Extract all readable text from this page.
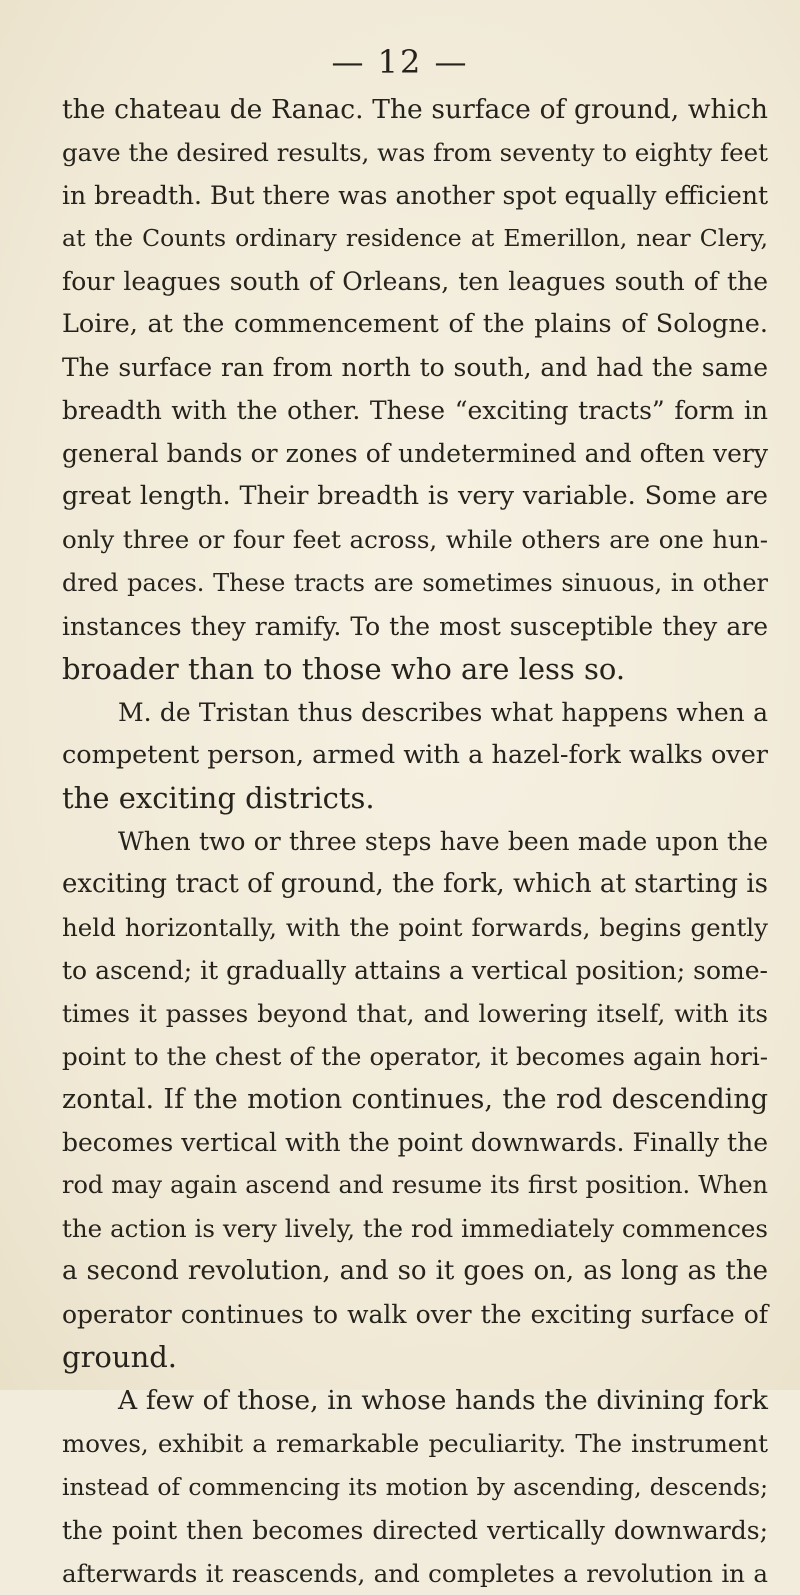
— 12 —
the chateau de Ranac. The surface of ground, which
gave the desired results, was from seventy to eighty feet
in breadth. But there was another spot equally efficient
at the Counts ordinary residence at Emerillon, near Clery,
four leagues south of Orleans, ten leagues south of the
Loire, at the commencement of the plains of Sologne.
The surface ran from north to south, and had the same
breadth with the other. These “exciting tracts” form in
general bands or zones of undetermined and often very
great length. Their breadth is very variable. Some are
only three or four feet across, while others are one hun-
dred paces. These tracts are sometimes sinuous, in other
instances they ramify. To the most susceptible they are
broader than to those who are less so.
M. de Tristan thus describes what happens when a
competent person, armed with a hazel-fork walks over
the exciting districts.
When two or three steps have been made upon the
exciting tract of ground, the fork, which at starting is
held horizontally, with the point forwards, begins gently
to ascend; it gradually attains a vertical position; some-
times it passes beyond that, and lowering itself, with its
point to the chest of the operator, it becomes again hori-
zontal. If the motion continues, the rod descending
becomes vertical with the point downwards. Finally the
rod may again ascend and resume its first position. When
the action is very lively, the rod immediately commences
a second revolution, and so it goes on, as long as the
operator continues to walk over the exciting surface of
ground.
A few of those, in whose hands the divining fork
moves, exhibit a remarkable peculiarity. The instrument
instead of commencing its motion by ascending, descends;
the point then becomes directed vertically downwards;
afterwards it reascends, and completes a revolution in a
